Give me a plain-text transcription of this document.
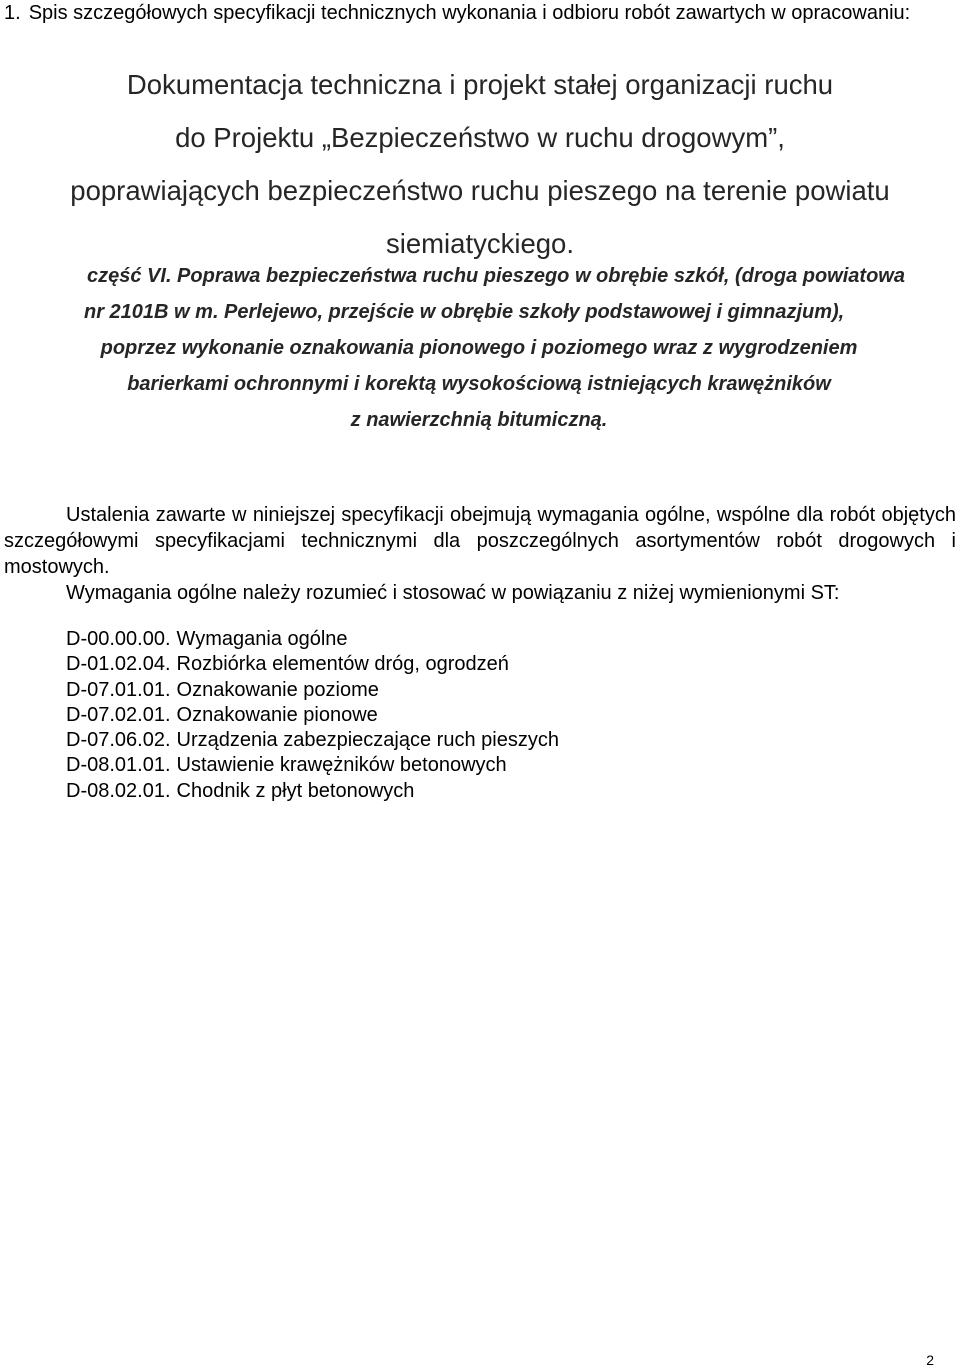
1. Spis szczegółowych specyfikacji technicznych wykonania i odbioru robót zawartych w opracowaniu:
Dokumentacja techniczna i projekt stałej organizacji ruchu
do Projektu „Bezpieczeństwo w ruchu drogowym”,
poprawiających bezpieczeństwo ruchu pieszego na terenie powiatu
siemiatyckiego.
część VI. Poprawa bezpieczeństwa ruchu pieszego w obrębie szkół, (droga powiatowa
nr 2101B w m. Perlejewo, przejście w obrębie szkoły podstawowej i gimnazjum),
poprzez wykonanie oznakowania pionowego i poziomego wraz z wygrodzeniem
barierkami ochronnymi i korektą wysokościową istniejących krawężników
z nawierzchnią bitumiczną.

Ustalenia zawarte w niniejszej specyfikacji obejmują wymagania ogólne, wspólne dla robót objętych szczegółowymi specyfikacjami technicznymi dla poszczególnych asortymentów robót drogowych i mostowych.

Wymagania ogólne należy rozumieć i stosować w powiązaniu z niżej wymienionymi ST:

D-00.00.00. Wymagania ogólne
D-01.02.04. Rozbiórka elementów dróg, ogrodzeń
D-07.01.01. Oznakowanie poziome
D-07.02.01. Oznakowanie pionowe
D-07.06.02. Urządzenia zabezpieczające ruch pieszych
D-08.01.01. Ustawienie krawężników betonowych
D-08.02.01. Chodnik z płyt betonowych
2
